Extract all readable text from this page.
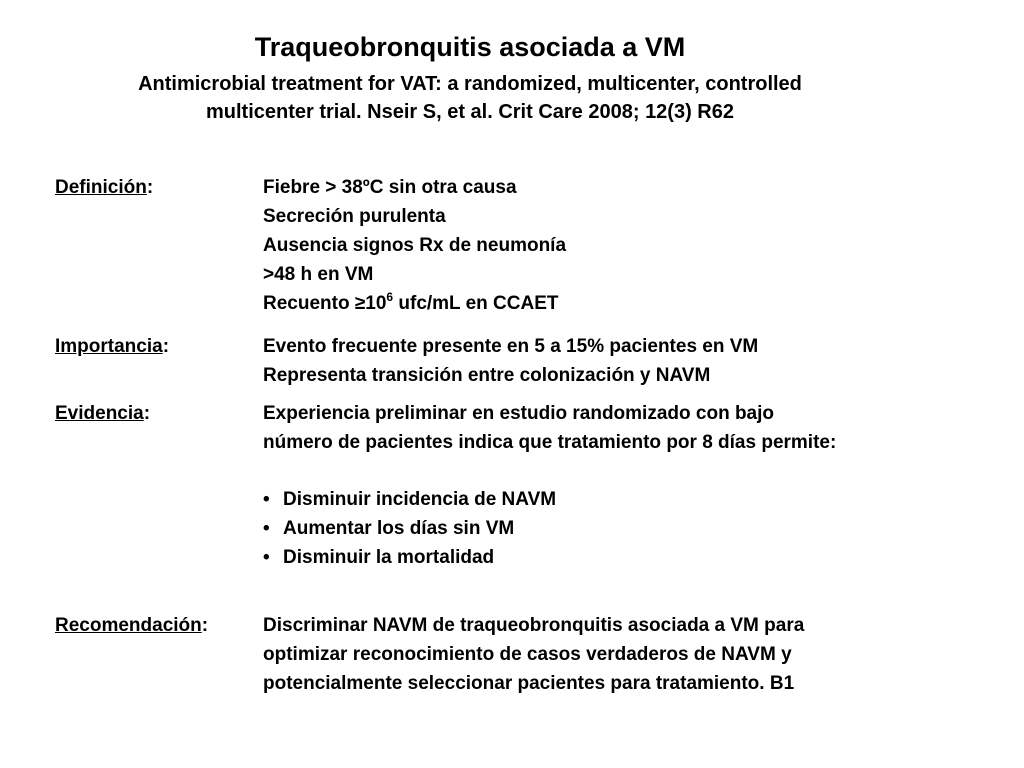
Traqueobronquitis asociada a VM
Antimicrobial treatment for VAT: a randomized, multicenter, controlled
multicenter trial. Nseir S, et al. Crit Care 2008; 12(3) R62
Definición:	Fiebre > 38ºC sin otra causa
Secreción purulenta
Ausencia signos Rx de neumonía
>48 h en VM
Recuento $\ge 10^6$ ufc/mL en CCAET
Importancia:	Evento frecuente presente en 5 a 15% pacientes en VM
Representa transición entre colonización y NAVM
Evidencia:	Experiencia preliminar en estudio randomizado con bajo
número de pacientes indica que tratamiento por 8 días permite:
• Disminuir incidencia de NAVM
• Aumentar los días sin VM
• Disminuir la mortalidad
Recomendación:	Discriminar NAVM de traqueobronquitis asociada a VM para
optimizar reconocimiento de casos verdaderos de NAVM y
potencialmente seleccionar pacientes para tratamiento. B1
